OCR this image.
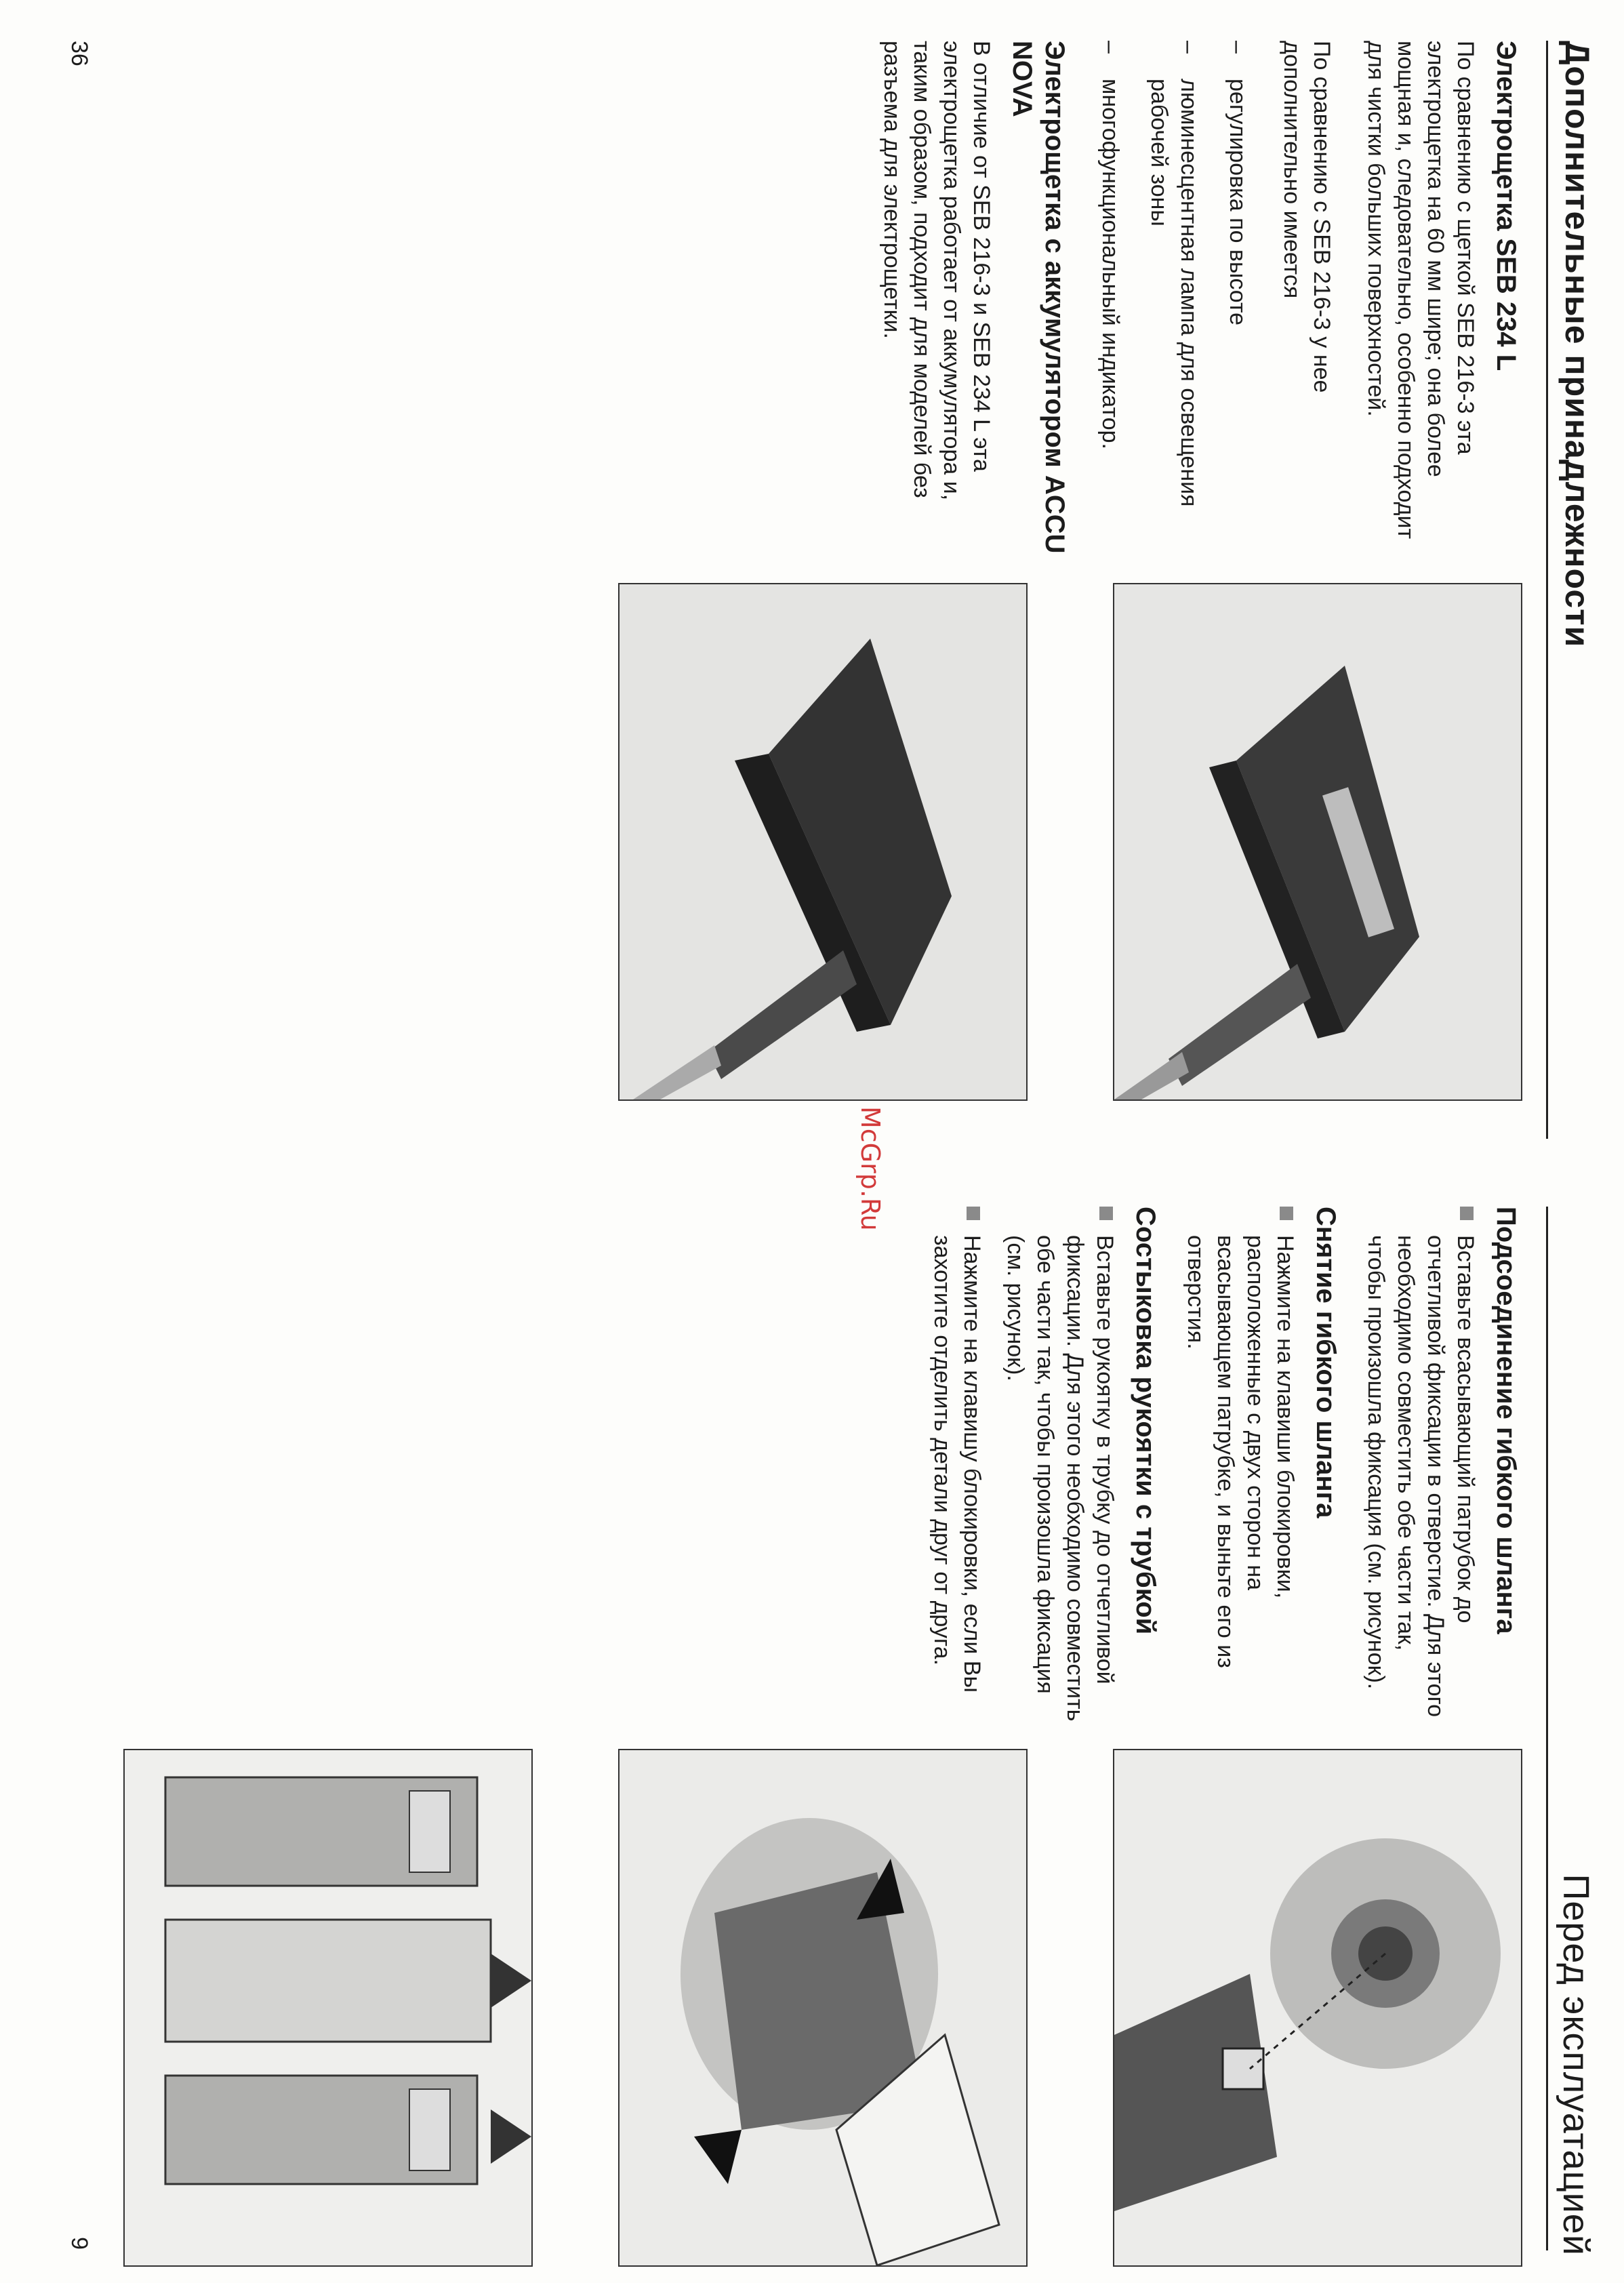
Дополнительные принадлежности
Перед эксплуатацией
Электрощетка SEB 234 L

По сравнению с щеткой SEB 216-3 эта электрощетка на 60 мм шире; она более мощная и, следовательно, особенно подходит для чистки больших поверхностей.

По сравнению с SEB 216-3 у нее дополнительно имеется

– регулировка по высоте
– люминесцентная лампа для освещения рабочей зоны
– многофункциональный индикатор.
Электрощетка с аккумулятором ACCU NOVA

В отличие от SEB 216-3 и SEB 234 L эта электрощетка работает от аккумулятора и, таким образом, подходит для моделей без разъема для электрощетки.

Подсоединение гибкого шланга
Вставьте всасывающий патрубок до отчетливой фиксации в отверстие. Для этого необходимо совместить обе части так, чтобы произошла фиксация (см. рисунок).
Снятие гибкого шланга
Нажмите на клавиши блокировки, расположенные с двух сторон на всасывающем патрубке, и выньте его из отверстия.
Состыковка рукоятки с трубкой
Вставьте рукоятку в трубку до отчетливой фиксации. Для этого необходимо совместить обе части так, чтобы произошла фиксация (см. рисунок).
Нажмите на клавишу блокировки, если Вы захотите отделить детали друг от друга.
McGrp.Ru
36
9
